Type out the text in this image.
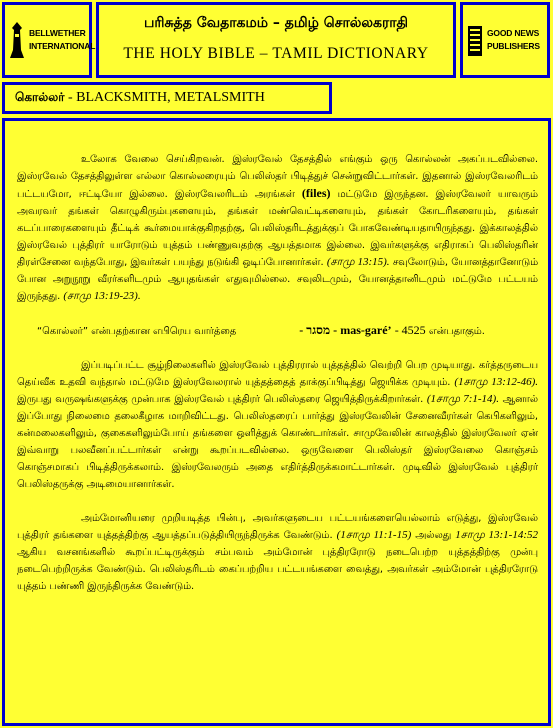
BELLWETHER
INTERNATIONAL
பரிசுத்த வேதாகமம் – தமிழ் சொல்லகராதி
THE HOLY BIBLE – TAMIL DICTIONARY
GOOD NEWS
PUBLISHERS
கொல்லர் - BLACKSMITH, METALSMITH

உலோக வேலை செய்கிறவன். இஸ்ரவேல் தேசத்தில் எங்கும் ஒரு கொல்லன் அகப்படவில்லை. இஸ்ரவேல் தேசத்திலுள்ள எல்லா கொல்லரையும் பெலிஸ்தர் பிடித்துச் சென்றுவிட்டார்கள். இதனால் இஸ்ரவேலரிடம் பட்டயமோ, ஈட்டியோ இல்லை. இஸ்ரவேலரிடம் அரங்கள் (files) மட்டுமே இருந்தன. இஸ்ரவேலர் யாவரும் அவரவர் தங்கள் கொழுகிரும்புகளையும், தங்கள் மண்வெட்டிகளையும், தங்கள் கோடரிகளையும், தங்கள் கடப்பாரைகளையும் தீட்டிக் கூர்மையாக்குகிறதற்கு, பெலிஸ்தரிடத்துக்குப் போகவேண்டியதாயிருந்தது. இக்காலத்தில் இஸ்ரவேல் புத்திரர் யாரோடும் யுத்தம் பண்ணுவதற்கு ஆயத்தமாக இல்லை. இவர்களுக்கு எதிராகப் பெலிஸ்தரின் திரள்சேனை வந்தபோது, இவர்கள் பயந்து நடுங்கி ஒடிப்போனார்கள். (சாமு 13:15). சவுலோடும், யோனத்தானோடும் போன அறுநூறு வீரர்களிடமும் ஆயுதங்கள் எதுவுமில்லை. சவுலிடமும், யோனத்தானிடமும் மட்டுமே பட்டயம் இருந்தது. (சாமு 13:19-23).

“கொல்லர்” என்பதற்கான எபிரெய வார்த்தை	- מסגר - mas-garé’ - 4525 என்பதாகும்.

இப்படிப்பட்ட சூழ்நிலைகளில் இஸ்ரவேல் புத்திரரால் யுத்தத்தில் வெற்றி பெற முடியாது. கர்த்தருடைய தெய்வீக உதவி வந்தால் மட்டுமே இஸ்ரவேலரால் யுத்தத்தைத் தாக்குப்பிடித்து ஜெயிக்க முடியும். (1சாமு 13:12-46). இருபது வருஷங்களுக்கு முன்பாக இஸ்ரவேல் புத்திரர் பெலிஸ்தரை ஜெயித்திருக்கிறார்கள். (1சாமு 7:1-14). ஆனால் இப்போது நிலைமை தலைகீழாக மாறிவிட்டது. பெலிஸ்தரைப் பார்த்து இஸ்ரவேலின் சேனைவீரர்கள் கெபிகளிலும், கன்மலைகளிலும், குகைகளிலும்போய் தங்களை ஒளித்துக் கொண்டார்கள். சாமுவேலின் காலத்தில் இஸ்ரவேலர் ஏன் இவ்வாறு பலவீனப்பட்டார்கள் என்று கூறப்படவில்லை. ஒருவேளை பெலிஸ்தர் இஸ்ரவேலை கொஞ்சம் கொஞ்சமாகப் பிடித்திருக்கலாம். இஸ்ரவேலரும் அதை எதிர்த்திருக்கமாட்டார்கள். முடிவில் இஸ்ரவேல் புத்திரர் பெலிஸ்தருக்கு அடிமையானார்கள்.

அம்மோனியரை முறியடித்த பின்பு, அவர்களுடைய பட்டயங்களையெல்லாம் எடுத்து, இஸ்ரவேல் புத்திரர் தங்களை யுத்தத்திற்கு ஆயத்தப்படுத்தியிருந்திருக்க வேண்டும். (1சாமு 11:1-15) அல்லது 1சாமு 13:1-14:52 ஆகிய வசனங்களில் கூறப்பட்டிருக்கும் சம்பவம் அம்மோன் புத்திரரோடு நடைபெற்ற யுத்தத்திற்கு முன்பு நடைபெற்றிருக்க வேண்டும். பெலிஸ்தரிடம் கைப்பற்றிய பட்டயங்களை வைத்து, அவர்கள் அம்மோன் புத்திரரோடு யுத்தம் பண்ணி இருந்திருக்க வேண்டும்.
